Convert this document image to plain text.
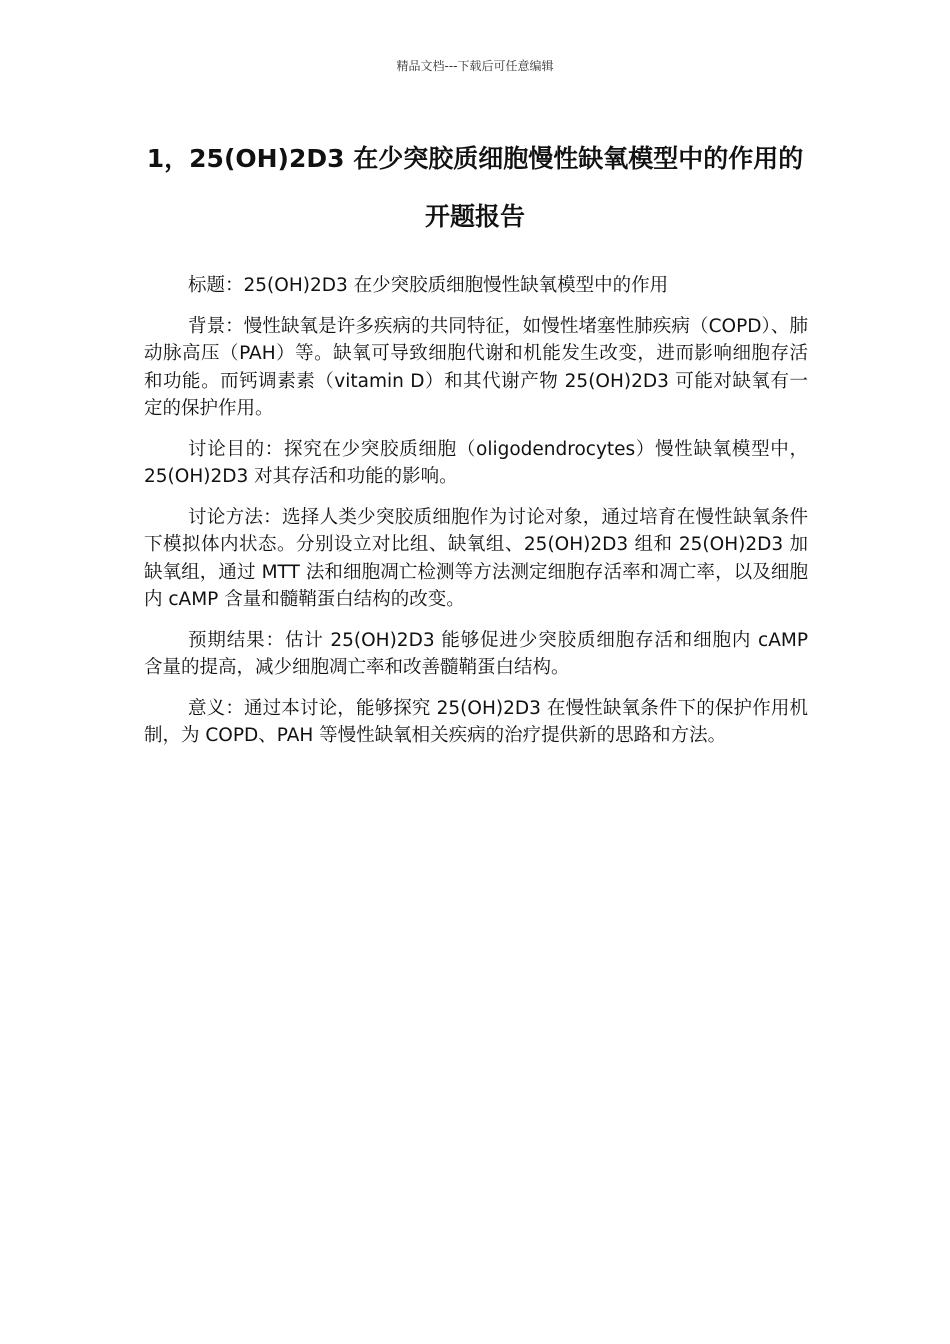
精品文档---下载后可任意编辑
1，25(OH)2D3 在少突胶质细胞慢性缺氧模型中的作用的开题报告

标题：25(OH)2D3 在少突胶质细胞慢性缺氧模型中的作用

背景：慢性缺氧是许多疾病的共同特征，如慢性堵塞性肺疾病（COPD）、肺动脉高压（PAH）等。缺氧可导致细胞代谢和机能发生改变，进而影响细胞存活和功能。而钙调素素（vitamin D）和其代谢产物 25(OH)2D3 可能对缺氧有一定的保护作用。

讨论目的：探究在少突胶质细胞（oligodendrocytes）慢性缺氧模型中，25(OH)2D3 对其存活和功能的影响。

讨论方法：选择人类少突胶质细胞作为讨论对象，通过培育在慢性缺氧条件下模拟体内状态。分别设立对比组、缺氧组、25(OH)2D3 组和 25(OH)2D3 加缺氧组，通过 MTT 法和细胞凋亡检测等方法测定细胞存活率和凋亡率，以及细胞内 cAMP 含量和髓鞘蛋白结构的改变。

预期结果：估计 25(OH)2D3 能够促进少突胶质细胞存活和细胞内 cAMP 含量的提高，减少细胞凋亡率和改善髓鞘蛋白结构。

意义：通过本讨论，能够探究 25(OH)2D3 在慢性缺氧条件下的保护作用机制，为 COPD、PAH 等慢性缺氧相关疾病的治疗提供新的思路和方法。
